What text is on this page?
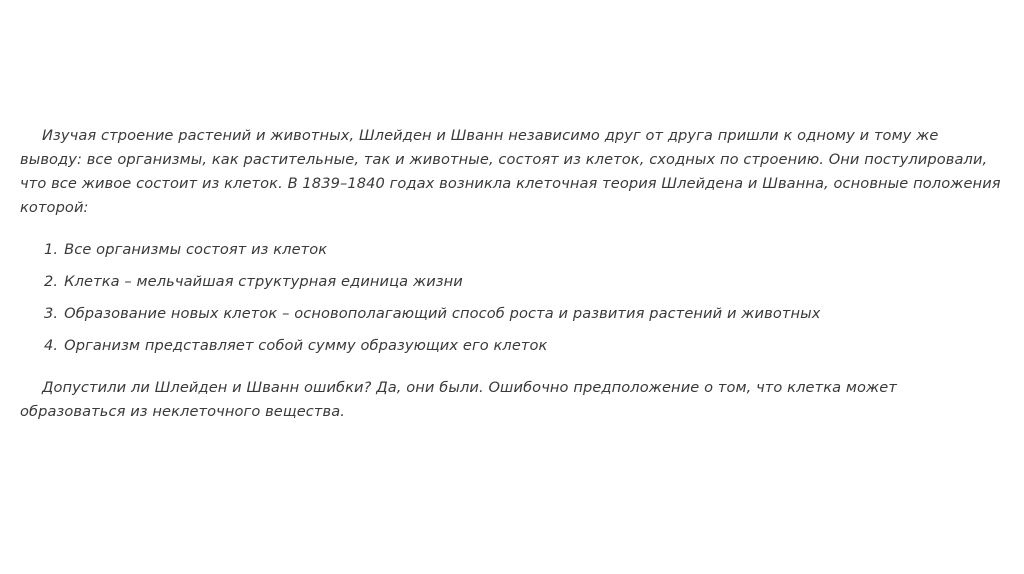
Изучая строение растений и животных, Шлейден и Шванн независимо друг от друга пришли к одному и тому же выводу: все организмы, как растительные, так и животные, состоят из клеток, сходных по строению. Они постулировали, что все живое состоит из клеток. В 1839–1840 годах возникла клеточная теория Шлейдена и Шванна, основные положения которой:

1. Все организмы состоят из клеток
2. Клетка – мельчайшая структурная единица жизни
3. Образование новых клеток – основополагающий способ роста и развития растений и животных
4. Организм представляет собой сумму образующих его клеток

Допустили ли Шлейден и Шванн ошибки? Да, они были. Ошибочно предположение о том, что клетка может образоваться из неклеточного вещества.
